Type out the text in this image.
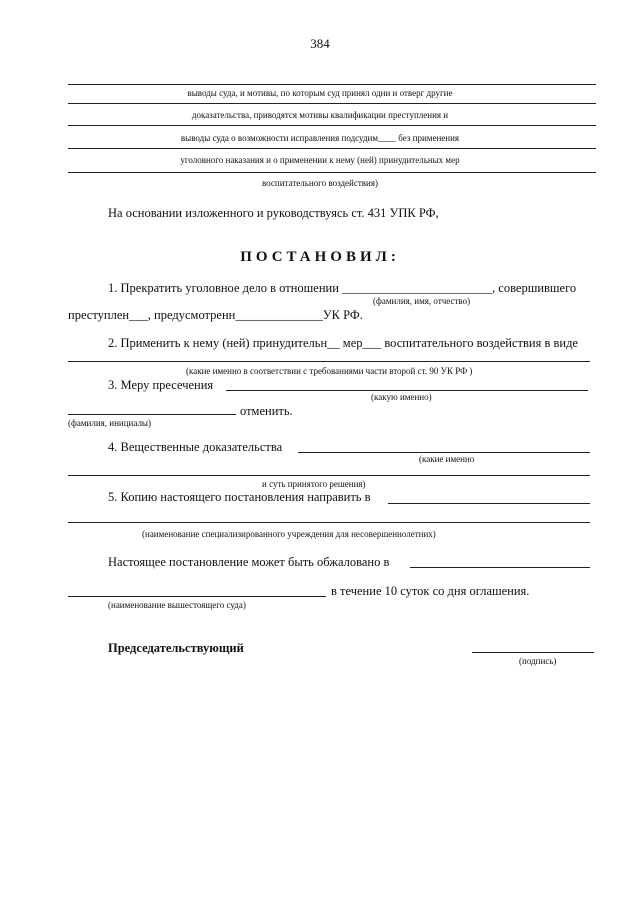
384
выводы суда, и мотивы, по которым суд принял одни и отверг другие
доказательства, приводятся мотивы квалификации преступления и
выводы суда о возможности исправления подсудим____ без применения
уголовного наказания и о применении к нему (ней) принудительных мер
воспитательного воздействия)
На основании изложенного и руководствуясь ст. 431 УПК РФ,
ПОСТАНОВИЛ:
1. Прекратить уголовное дело в отношении ________________________, совершившего
(фамилия, имя, отчество)
преступлен___, предусмотренн______________УК РФ.
2. Применить к нему (ней) принудительн__ мер___ воспитательного воздействия в виде
(какие именно в соответствии с требованиями части второй ст. 90 УК РФ )
3. Меру пресечения
(какую именно)
отменить.
(фамилия, инициалы)
4. Вещественные доказательства
(какие именно
и суть принятого решения)
5. Копию настоящего постановления направить в
(наименование специализированного учреждения для несовершеннолетних)
Настоящее постановление может быть обжаловано в
в течение 10 суток со дня оглашения.
(наименование вышестоящего суда)
Председательствующий
(подпись)
